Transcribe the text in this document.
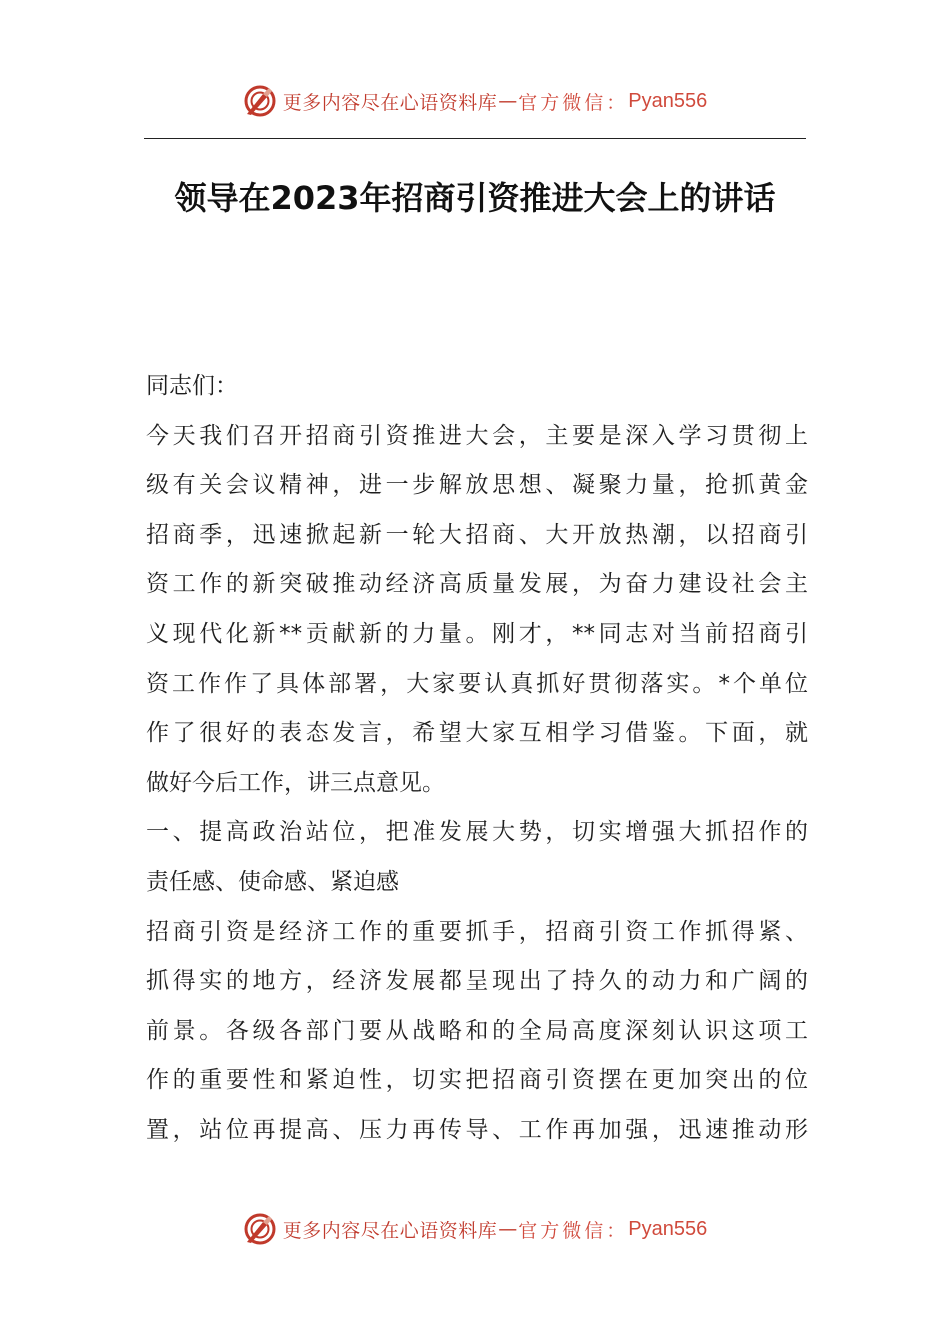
更多内容尽在心语资料库 — 官方微信： Pyan556
领导在2023年招商引资推进大会上的讲话
同志们：
今天我们召开招商引资推进大会，主要是深入学习贯彻上
级有关会议精神，进一步解放思想、凝聚力量，抢抓黄金
招商季，迅速掀起新一轮大招商、大开放热潮，以招商引
资工作的新突破推动经济高质量发展，为奋力建设社会主
义现代化新**贡献新的力量。刚才，**同志对当前招商引
资工作作了具体部署，大家要认真抓好贯彻落实。*个单位
作了很好的表态发言，希望大家互相学习借鉴。下面，就
做好今后工作，讲三点意见。
一、提高政治站位，把准发展大势，切实增强大抓招作的
责任感、使命感、紧迫感
招商引资是经济工作的重要抓手，招商引资工作抓得紧、
抓得实的地方，经济发展都呈现出了持久的动力和广阔的
前景。各级各部门要从战略和的全局高度深刻认识这项工
作的重要性和紧迫性，切实把招商引资摆在更加突出的位
置，站位再提高、压力再传导、工作再加强，迅速推动形
更多内容尽在心语资料库 — 官方微信： Pyan556
